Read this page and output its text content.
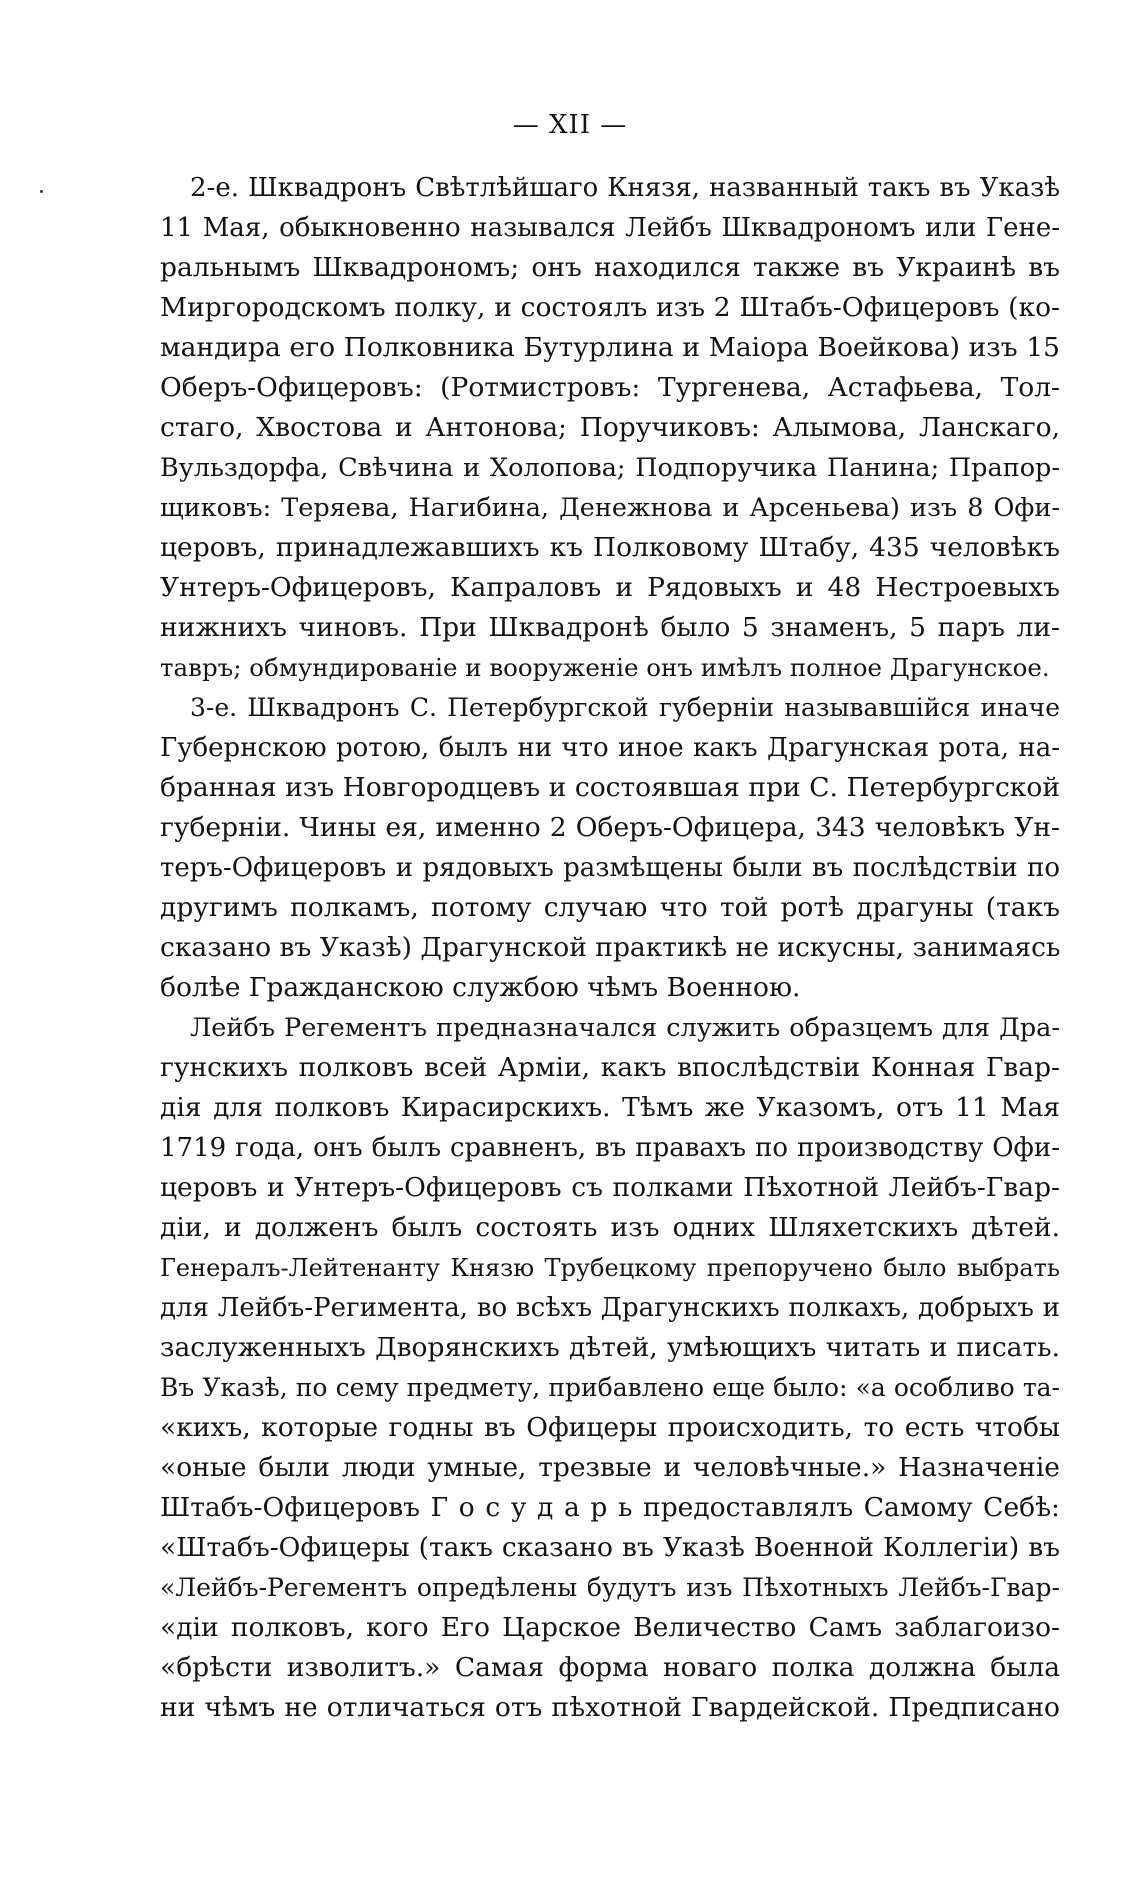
— XII —
2-е. Шквадронъ Свѣтлѣйшаго Князя, названный такъ въ Указѣ
11 Мая, обыкновенно называлcя Лейбъ Шквадрономъ или Гене-
ральнымъ Шквадрономъ; онъ находился также въ Украинѣ въ
Миргородскомъ полку, и состоялъ изъ 2 Штабъ-Офицеровъ (ко-
мандира его Полковника Бутурлина и Маіора Воейкова) изъ 15
Оберъ-Офицеровъ: (Ротмистровъ: Тургенева, Астафьева, Тол-
стаго, Хвостова и Антонова; Поручиковъ: Алымова, Ланскаго,
Вульздорфа, Свѣчина и Холопова; Подпоручика Панина; Прапор-
щиковъ: Теряева, Нагибина, Денежнова и Арсеньева) изъ 8 Офи-
церовъ, принадлежавшихъ къ Полковому Штабу, 435 человѣкъ
Унтеръ-Офицеровъ, Капраловъ и Рядовыхъ и 48 Нестроевыхъ
нижнихъ чиновъ. При Шквадронѣ было 5 знаменъ, 5 паръ ли-
тавръ; обмундированіе и вооруженіе онъ имѣлъ полное Драгунское.
3-е. Шквадронъ С. Петербургской губерніи называвшійся иначе
Губернскою ротою, былъ ни что иное какъ Драгунская рота, на-
бранная изъ Новгородцевъ и состоявшая при С. Петербургской
губерніи. Чины ея, именно 2 Оберъ-Офицера, 343 человѣкъ Ун-
теръ-Офицеровъ и рядовыхъ размѣщены были въ послѣдствіи по
другимъ полкамъ, потому случаю что той ротѣ драгуны (такъ
сказано въ Указѣ) Драгунской практикѣ не искусны, занимаясь
болѣе Гражданскою службою чѣмъ Военною.
Лейбъ Регементъ предназначался служить образцемъ для Дра-
гунскихъ полковъ всей Арміи, какъ впослѣдствіи Конная Гвар-
дія для полковъ Кирасирскихъ. Тѣмъ же Указомъ, отъ 11 Мая
1719 года, онъ былъ сравненъ, въ правахъ по производству Офи-
церовъ и Унтеръ-Офицеровъ съ полками Пѣхотной Лейбъ-Гвар-
діи, и долженъ былъ состоять изъ одних Шляхетскихъ дѣтей.
Генералъ-Лейтенанту Князю Трубецкому препоручено было выбрать
для Лейбъ-Регимента, во всѣхъ Драгунскихъ полкахъ, добрыхъ и
заслуженныхъ Дворянскихъ дѣтей, умѣющихъ читать и писать.
Въ Указѣ, по сему предмету, прибавлено еще было: «а особливо та-
«кихъ, которые годны въ Офицеры происходить, то есть чтобы
«оные были люди умные, трезвые и человѣчные.» Назначеніе
Штабъ-Офицеровъ Г о с у д а р ь предоставлялъ Самому Себѣ:
«Штабъ-Офицеры (такъ сказано въ Указѣ Военной Коллегіи) въ
«Лейбъ-Регементъ опредѣлены будутъ изъ Пѣхотныхъ Лейбъ-Гвар-
«діи полковъ, кого Его Царское Величество Самъ заблагоизо-
«брѣсти изволитъ.» Самая форма новаго полка должна была
ни чѣмъ не отличаться отъ пѣхотной Гвардейской. Предписано
